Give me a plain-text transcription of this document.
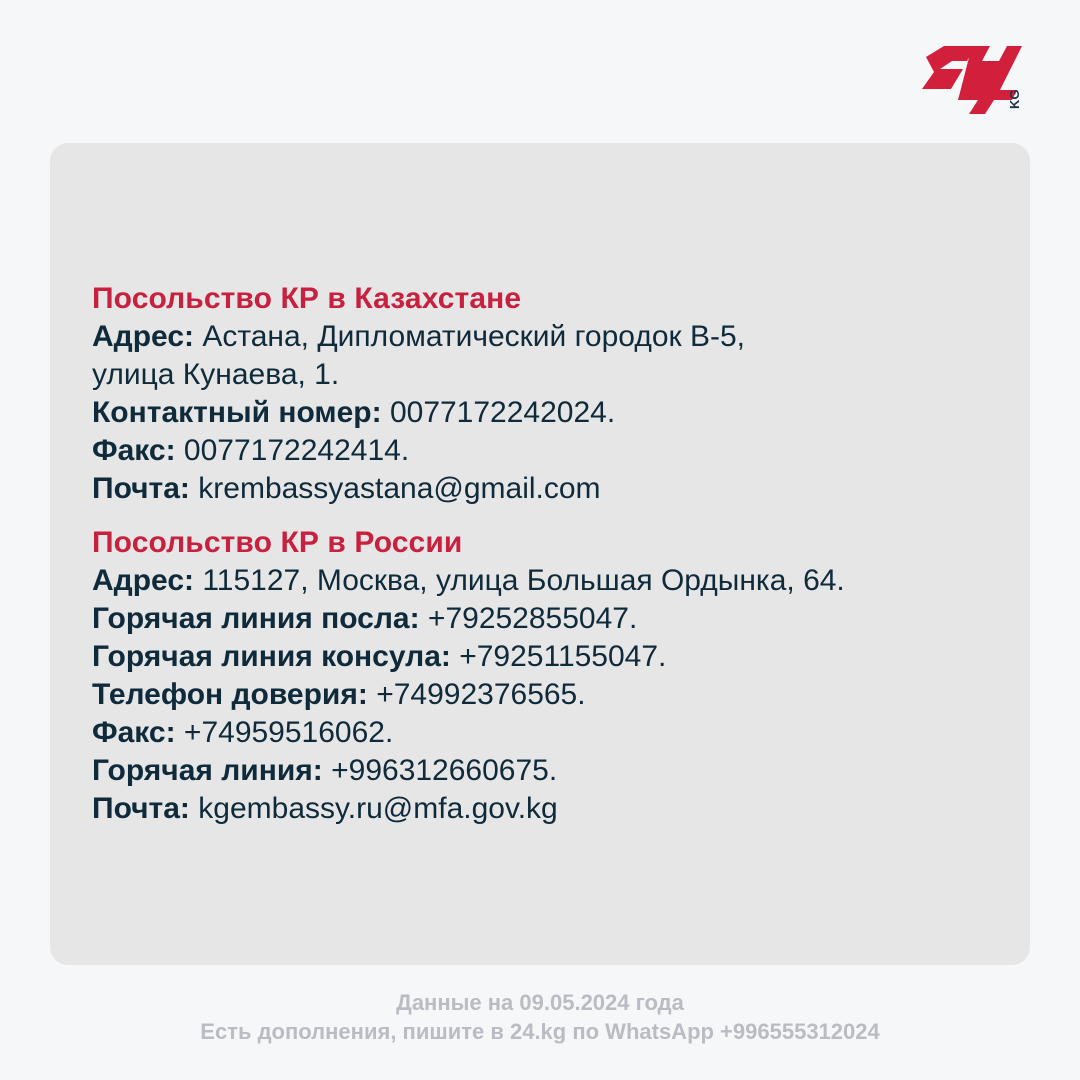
KG
Посольство КР в Казахстане

Адрес: Астана, Дипломатический городок В-5,

улица Кунаева, 1.

Контактный номер: 0077172242024.

Факс: 0077172242414.

Почта: krembassyastana@gmail.com

Посольство КР в России

Адрес: 115127, Москва, улица Большая Ордынка, 64.

Горячая линия посла: +79252855047.

Горячая линия консула: +79251155047.

Телефон доверия: +74992376565.

Факс: +74959516062.

Горячая линия: +996312660675.

Почта: kgembassy.ru@mfa.gov.kg

Данные на 09.05.2024 года
Есть дополнения, пишите в 24.kg по WhatsApp +996555312024
